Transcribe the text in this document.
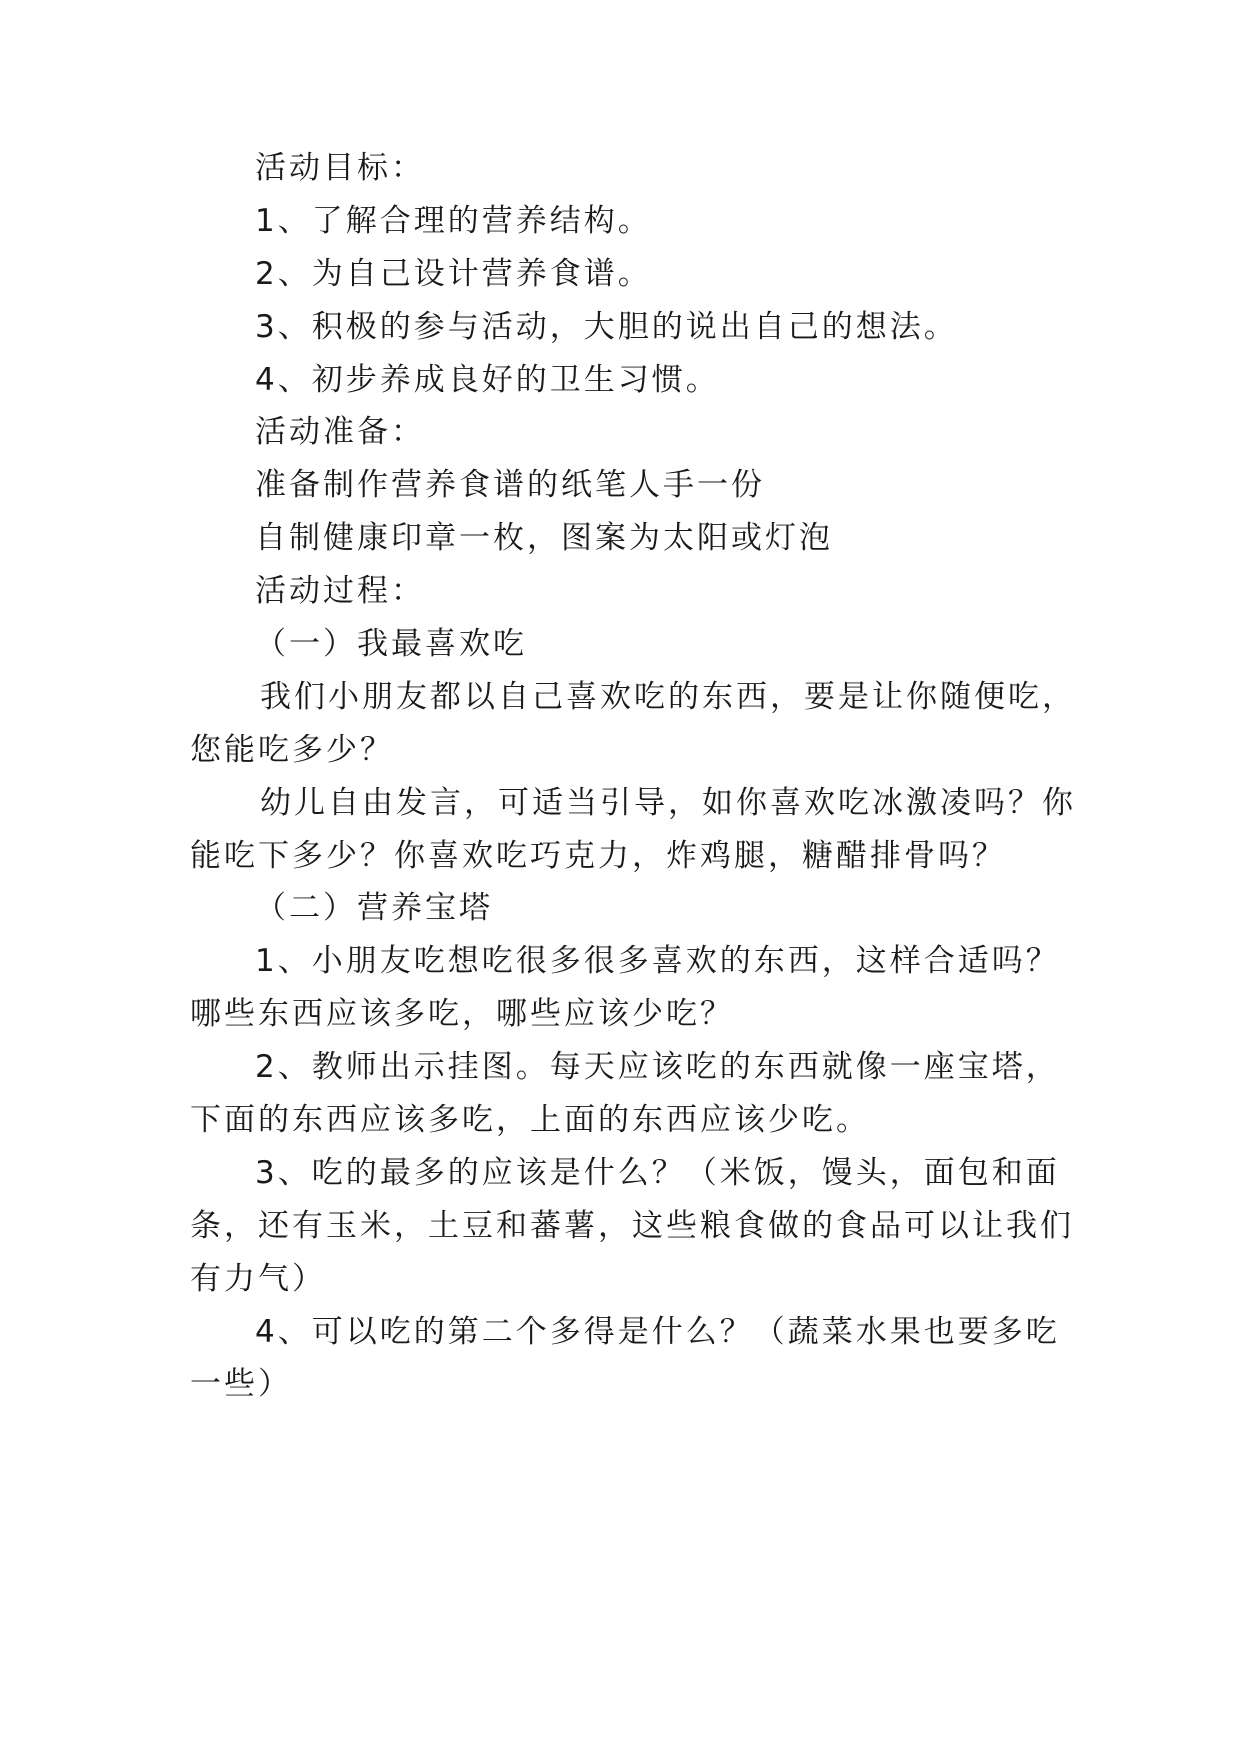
活动目标：
1、了解合理的营养结构。
2、为自己设计营养食谱。
3、积极的参与活动，大胆的说出自己的想法。
4、初步养成良好的卫生习惯。
活动准备：
准备制作营养食谱的纸笔人手一份
自制健康印章一枚，图案为太阳或灯泡
活动过程：
（一）我最喜欢吃
我们小朋友都以自己喜欢吃的东西，要是让你随便吃，
您能吃多少？
幼儿自由发言，可适当引导，如你喜欢吃冰激凌吗？你
能吃下多少？你喜欢吃巧克力，炸鸡腿，糖醋排骨吗？
（二）营养宝塔
1、小朋友吃想吃很多很多喜欢的东西，这样合适吗？
哪些东西应该多吃，哪些应该少吃？
2、教师出示挂图。每天应该吃的东西就像一座宝塔，
下面的东西应该多吃，上面的东西应该少吃。
3、吃的最多的应该是什么？（米饭，馒头，面包和面
条，还有玉米，土豆和蕃薯，这些粮食做的食品可以让我们
有力气）
4、可以吃的第二个多得是什么？（蔬菜水果也要多吃
一些）
